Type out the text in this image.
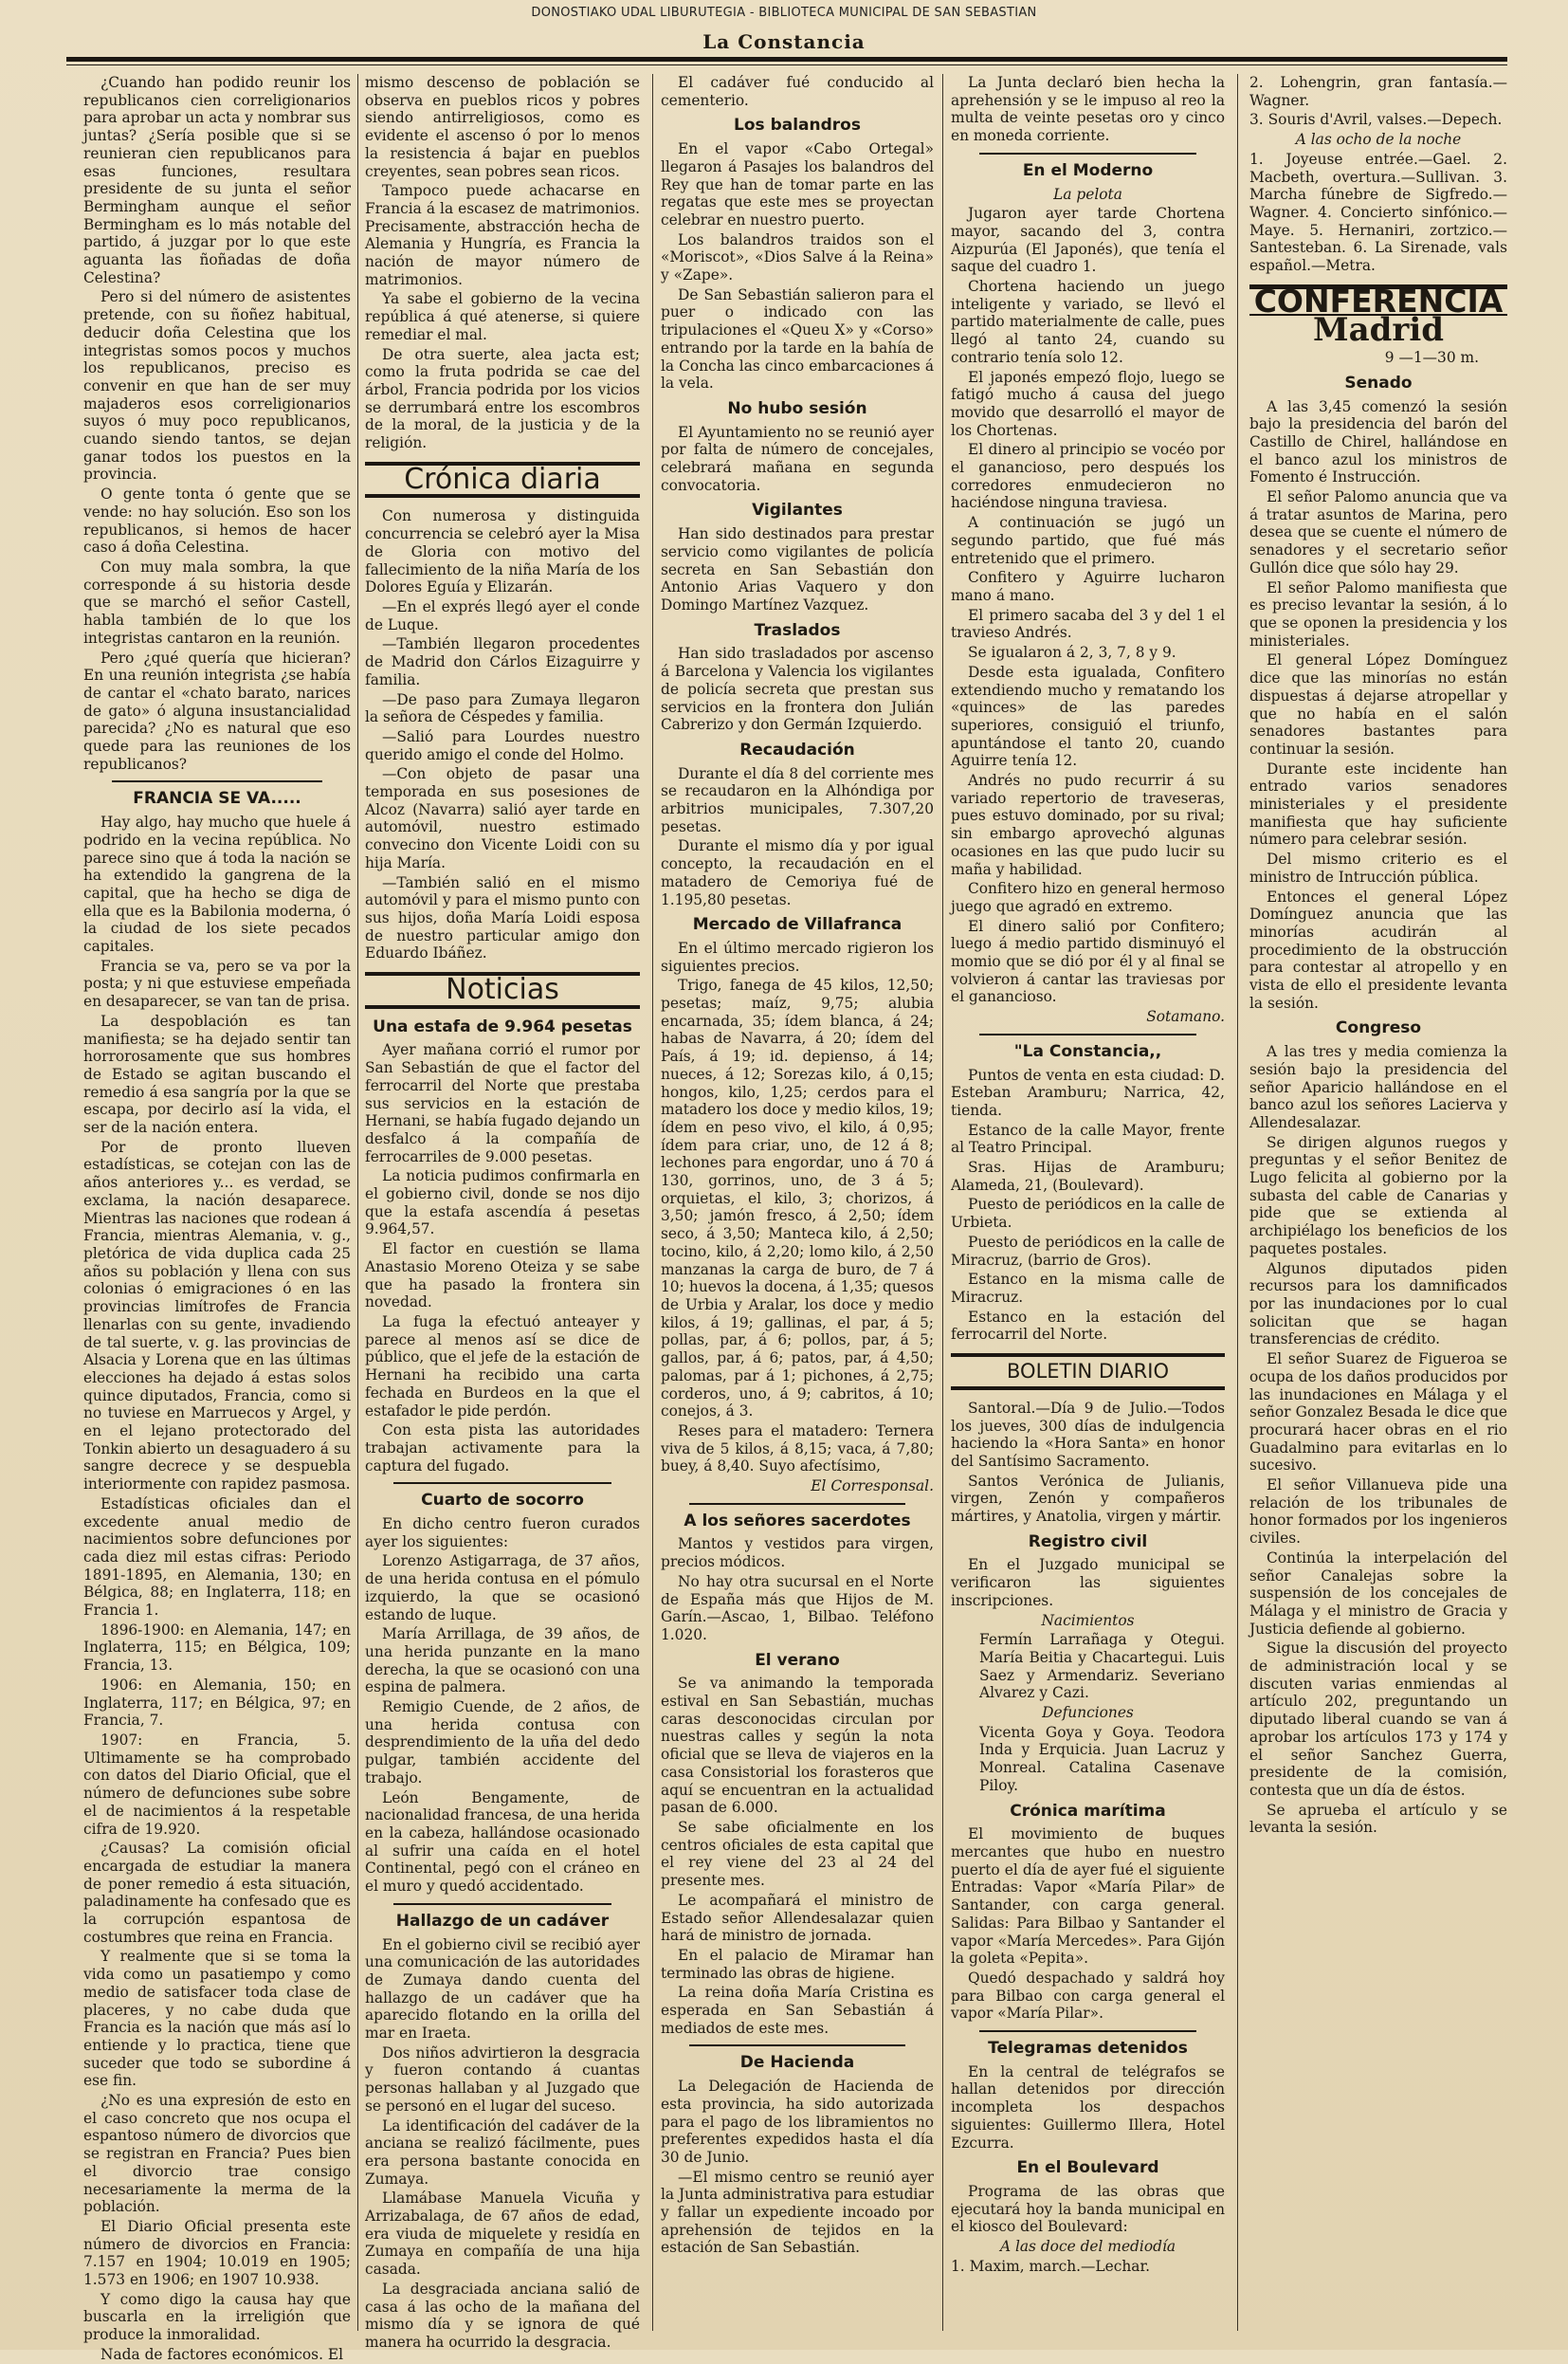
DONOSTIAKO UDAL LIBURUTEGIA - BIBLIOTECA MUNICIPAL DE SAN SEBASTIAN
La Constancia

¿Cuando han podido reunir los republicanos cien correligionarios para aprobar un acta y nombrar sus juntas? ¿Sería posible que si se reunieran cien republicanos para esas funciones, resultara presidente de su junta el señor Bermingham aunque el señor Bermingham es lo más notable del partido, á juzgar por lo que este aguanta las ñoñadas de doña Celestina?

Pero si del número de asistentes pretende, con su ñoñez habitual, deducir doña Celestina que los integristas somos pocos y muchos los republicanos, preciso es convenir en que han de ser muy majaderos esos correligionarios suyos ó muy poco republicanos, cuando siendo tantos, se dejan ganar todos los puestos en la provincia.

O gente tonta ó gente que se vende: no hay solución. Eso son los republicanos, si hemos de hacer caso á doña Celestina.

Con muy mala sombra, la que corresponde á su historia desde que se marchó el señor Castell, habla también de lo que los integristas cantaron en la reunión.

Pero ¿qué quería que hicieran? En una reunión integrista ¿se había de cantar el «chato barato, narices de gato» ó alguna insustancialidad parecida? ¿No es natural que eso quede para las reuniones de los republicanos?

FRANCIA SE VA.....

Hay algo, hay mucho que huele á podrido en la vecina república. No parece sino que á toda la nación se ha extendido la gangrena de la capital, que ha hecho se diga de ella que es la Babilonia moderna, ó la ciudad de los siete pecados capitales.

Francia se va, pero se va por la posta; y ni que estuviese empeñada en desaparecer, se van tan de prisa.

La despoblación es tan manifiesta; se ha dejado sentir tan horrorosamente que sus hombres de Estado se agitan buscando el remedio á esa sangría por la que se escapa, por decirlo así la vida, el ser de la nación entera.

Por de pronto llueven estadísticas, se cotejan con las de años anteriores y... es verdad, se exclama, la nación desaparece. Mientras las naciones que rodean á Francia, mientras Alemania, v. g., pletórica de vida duplica cada 25 años su población y llena con sus colonias ó emigraciones ó en las provincias limítrofes de Francia llenarlas con su gente, invadiendo de tal suerte, v. g. las provincias de Alsacia y Lorena que en las últimas elecciones ha dejado á estas solos quince diputados, Francia, como si no tuviese en Marruecos y Argel, y en el lejano protectorado del Tonkin abierto un desaguadero á su sangre decrece y se despuebla interiormente con rapidez pasmosa.

Estadísticas oficiales dan el excedente anual medio de nacimientos sobre defunciones por cada diez mil estas cifras: Periodo 1891-1895, en Alemania, 130; en Bélgica, 88; en Inglaterra, 118; en Francia 1.

1896-1900: en Alemania, 147; en Inglaterra, 115; en Bélgica, 109; Francia, 13.

1906: en Alemania, 150; en Inglaterra, 117; en Bélgica, 97; en Francia, 7.

1907: en Francia, 5. Ultimamente se ha comprobado con datos del Diario Oficial, que el número de defunciones sube sobre el de nacimientos á la respetable cifra de 19.920.

¿Causas? La comisión oficial encargada de estudiar la manera de poner remedio á esta situación, paladinamente ha confesado que es la corrupción espantosa de costumbres que reina en Francia.

Y realmente que si se toma la vida como un pasatiempo y como medio de satisfacer toda clase de placeres, y no cabe duda que Francia es la nación que más así lo entiende y lo practica, tiene que suceder que todo se subordine á ese fin.

¿No es una expresión de esto en el caso concreto que nos ocupa el espantoso número de divorcios que se registran en Francia? Pues bien el divorcio trae consigo necesariamente la merma de la población.

El Diario Oficial presenta este número de divorcios en Francia: 7.157 en 1904; 10.019 en 1905; 1.573 en 1906; en 1907 10.938.

Y como digo la causa hay que buscarla en la irreligión que produce la inmoralidad.

Nada de factores económicos. El

mismo descenso de población se observa en pueblos ricos y pobres siendo antirreligiosos, como es evidente el ascenso ó por lo menos la resistencia á bajar en pueblos creyentes, sean pobres sean ricos.

Tampoco puede achacarse en Francia á la escasez de matrimonios. Precisamente, abstracción hecha de Alemania y Hungría, es Francia la nación de mayor número de matrimonios.

Ya sabe el gobierno de la vecina república á qué atenerse, si quiere remediar el mal.

De otra suerte, alea jacta est; como la fruta podrida se cae del árbol, Francia podrida por los vicios se derrumbará entre los escombros de la moral, de la justicia y de la religión.

Crónica diaria

Con numerosa y distinguida concurrencia se celebró ayer la Misa de Gloria con motivo del fallecimiento de la niña María de los Dolores Eguía y Elizarán.

—En el exprés llegó ayer el conde de Luque.

—También llegaron procedentes de Madrid don Cárlos Eizaguirre y familia.

—De paso para Zumaya llegaron la señora de Céspedes y familia.

—Salió para Lourdes nuestro querido amigo el conde del Holmo.

—Con objeto de pasar una temporada en sus posesiones de Alcoz (Navarra) salió ayer tarde en automóvil, nuestro estimado convecino don Vicente Loidi con su hija María.

—También salió en el mismo automóvil y para el mismo punto con sus hijos, doña María Loidi esposa de nuestro particular amigo don Eduardo Ibáñez.

Noticias
Una estafa de 9.964 pesetas

Ayer mañana corrió el rumor por San Sebastián de que el factor del ferrocarril del Norte que prestaba sus servicios en la estación de Hernani, se había fugado dejando un desfalco á la compañía de ferrocarriles de 9.000 pesetas.

La noticia pudimos confirmarla en el gobierno civil, donde se nos dijo que la estafa ascendía á pesetas 9.964,57.

El factor en cuestión se llama Anastasio Moreno Oteiza y se sabe que ha pasado la frontera sin novedad.

La fuga la efectuó anteayer y parece al menos así se dice de público, que el jefe de la estación de Hernani ha recibido una carta fechada en Burdeos en la que el estafador le pide perdón.

Con esta pista las autoridades trabajan activamente para la captura del fugado.

Cuarto de socorro

En dicho centro fueron curados ayer los siguientes:

Lorenzo Astigarraga, de 37 años, de una herida contusa en el pómulo izquierdo, la que se ocasionó estando de luque.

María Arrillaga, de 39 años, de una herida punzante en la mano derecha, la que se ocasionó con una espina de palmera.

Remigio Cuende, de 2 años, de una herida contusa con desprendimiento de la uña del dedo pulgar, también accidente del trabajo.

León Bengamente, de nacionalidad francesa, de una herida en la cabeza, hallándose ocasionado al sufrir una caída en el hotel Continental, pegó con el cráneo en el muro y quedó accidentado.

Hallazgo de un cadáver

En el gobierno civil se recibió ayer una comunicación de las autoridades de Zumaya dando cuenta del hallazgo de un cadáver que ha aparecido flotando en la orilla del mar en Iraeta.

Dos niños advirtieron la desgracia y fueron contando á cuantas personas hallaban y al Juzgado que se personó en el lugar del suceso.

La identificación del cadáver de la anciana se realizó fácilmente, pues era persona bastante conocida en Zumaya.

Llamábase Manuela Vicuña y Arrizabalaga, de 67 años de edad, era viuda de miquelete y residía en Zumaya en compañía de una hija casada.

La desgraciada anciana salió de casa á las ocho de la mañana del mismo día y se ignora de qué manera ha ocurrido la desgracia.

El cadáver fué conducido al cementerio.

Los balandros

En el vapor «Cabo Ortegal» llegaron á Pasajes los balandros del Rey que han de tomar parte en las regatas que este mes se proyectan celebrar en nuestro puerto.

Los balandros traidos son el «Moriscot», «Dios Salve á la Reina» y «Zape».

De San Sebastián salieron para el puer o indicado con las tripulaciones el «Queu X» y «Corso» entrando por la tarde en la bahía de la Concha las cinco embarcaciones á la vela.

No hubo sesión

El Ayuntamiento no se reunió ayer por falta de número de concejales, celebrará mañana en segunda convocatoria.

Vigilantes

Han sido destinados para prestar servicio como vigilantes de policía secreta en San Sebastián don Antonio Arias Vaquero y don Domingo Martínez Vazquez.

Traslados

Han sido trasladados por ascenso á Barcelona y Valencia los vigilantes de policía secreta que prestan sus servicios en la frontera don Julián Cabrerizo y don Germán Izquierdo.

Recaudación

Durante el día 8 del corriente mes se recaudaron en la Alhóndiga por arbitrios municipales, 7.307,20 pesetas.

Durante el mismo día y por igual concepto, la recaudación en el matadero de Cemoriya fué de 1.195,80 pesetas.

Mercado de Villafranca

En el último mercado rigieron los siguientes precios.

Trigo, fanega de 45 kilos, 12,50; pesetas; maíz, 9,75; alubia encarnada, 35; ídem blanca, á 24; habas de Navarra, á 20; ídem del País, á 19; id. depienso, á 14; nueces, á 12; Sorezas kilo, á 0,15; hongos, kilo, 1,25; cerdos para el matadero los doce y medio kilos, 19; ídem en peso vivo, el kilo, á 0,95; ídem para criar, uno, de 12 á 8; lechones para engordar, uno á 70 á 130, gorrinos, uno, de 3 á 5; orquietas, el kilo, 3; chorizos, á 3,50; jamón fresco, á 2,50; ídem seco, á 3,50; Manteca kilo, á 2,50; tocino, kilo, á 2,20; lomo kilo, á 2,50 manzanas la carga de buro, de 7 á 10; huevos la docena, á 1,35; quesos de Urbia y Aralar, los doce y medio kilos, á 19; gallinas, el par, á 5; pollas, par, á 6; pollos, par, á 5; gallos, par, á 6; patos, par, á 4,50; palomas, par á 1; pichones, á 2,75; corderos, uno, á 9; cabritos, á 10; conejos, á 3.

Reses para el matadero: Ternera viva de 5 kilos, á 8,15; vaca, á 7,80; buey, á 8,40. Suyo afectísimo,

El Corresponsal.

A los señores sacerdotes

Mantos y vestidos para virgen, precios módicos.

No hay otra sucursal en el Norte de España más que Hijos de M. Garín.—Ascao, 1, Bilbao. Teléfono 1.020.

El verano

Se va animando la temporada estival en San Sebastián, muchas caras desconocidas circulan por nuestras calles y según la nota oficial que se lleva de viajeros en la casa Consistorial los forasteros que aquí se encuentran en la actualidad pasan de 6.000.

Se sabe oficialmente en los centros oficiales de esta capital que el rey viene del 23 al 24 del presente mes.

Le acompañará el ministro de Estado señor Allendesalazar quien hará de ministro de jornada.

En el palacio de Miramar han terminado las obras de higiene.

La reina doña María Cristina es esperada en San Sebastián á mediados de este mes.

De Hacienda

La Delegación de Hacienda de esta provincia, ha sido autorizada para el pago de los libramientos no preferentes expedidos hasta el día 30 de Junio.

—El mismo centro se reunió ayer la Junta administrativa para estudiar y fallar un expediente incoado por aprehensión de tejidos en la estación de San Sebastián.

La Junta declaró bien hecha la aprehensión y se le impuso al reo la multa de veinte pesetas oro y cinco en moneda corriente.

En el Moderno

La pelota

Jugaron ayer tarde Chortena mayor, sacando del 3, contra Aizpurúa (El Japonés), que tenía el saque del cuadro 1.

Chortena haciendo un juego inteligente y variado, se llevó el partido materialmente de calle, pues llegó al tanto 24, cuando su contrario tenía solo 12.

El japonés empezó flojo, luego se fatigó mucho á causa del juego movido que desarrolló el mayor de los Chortenas.

El dinero al principio se vocéo por el ganancioso, pero después los corredores enmudecieron no haciéndose ninguna traviesa.

A continuación se jugó un segundo partido, que fué más entretenido que el primero.

Confitero y Aguirre lucharon mano á mano.

El primero sacaba del 3 y del 1 el travieso Andrés.

Se igualaron á 2, 3, 7, 8 y 9.

Desde esta igualada, Confitero extendiendo mucho y rematando los «quinces» de las paredes superiores, consiguió el triunfo, apuntándose el tanto 20, cuando Aguirre tenía 12.

Andrés no pudo recurrir á su variado repertorio de traveseras, pues estuvo dominado, por su rival; sin embargo aprovechó algunas ocasiones en las que pudo lucir su maña y habilidad.

Confitero hizo en general hermoso juego que agradó en extremo.

El dinero salió por Confitero; luego á medio partido disminuyó el momio que se dió por él y al final se volvieron á cantar las traviesas por el ganancioso.

Sotamano.

"La Constancia,,

Puntos de venta en esta ciudad: D. Esteban Aramburu; Narrica, 42, tienda.

Estanco de la calle Mayor, frente al Teatro Principal.

Sras. Hijas de Aramburu; Alameda, 21, (Boulevard).

Puesto de periódicos en la calle de Urbieta.

Puesto de periódicos en la calle de Miracruz, (barrio de Gros).

Estanco en la misma calle de Miracruz.

Estanco en la estación del ferrocarril del Norte.

BOLETIN DIARIO

Santoral.—Día 9 de Julio.—Todos los jueves, 300 días de indulgencia haciendo la «Hora Santa» en honor del Santísimo Sacramento.

Santos Verónica de Julianis, virgen, Zenón y compañeros mártires, y Anatolia, virgen y mártir.

Registro civil

En el Juzgado municipal se verificaron las siguientes inscripciones.

Nacimientos

Fermín Larrañaga y Otegui. María Beitia y Chacartegui. Luis Saez y Armendariz. Severiano Alvarez y Cazi.

Defunciones

Vicenta Goya y Goya. Teodora Inda y Erquicia. Juan Lacruz y Monreal. Catalina Casenave Piloy.

Crónica marítima

El movimiento de buques mercantes que hubo en nuestro puerto el día de ayer fué el siguiente Entradas: Vapor «María Pilar» de Santander, con carga general. Salidas: Para Bilbao y Santander el vapor «María Mercedes». Para Gijón la goleta «Pepita».

Quedó despachado y saldrá hoy para Bilbao con carga general el vapor «María Pilar».

Telegramas detenidos

En la central de telégrafos se hallan detenidos por dirección incompleta los despachos siguientes: Guillermo Illera, Hotel Ezcurra.

En el Boulevard

Programa de las obras que ejecutará hoy la banda municipal en el kiosco del Boulevard:

A las doce del mediodía

1. Maxim, march.—Lechar.

2. Lohengrin, gran fantasía.—Wagner.

3. Souris d'Avril, valses.—Depech.

A las ocho de la noche

1. Joyeuse entrée.—Gael. 2. Macbeth, overtura.—Sullivan. 3. Marcha fúnebre de Sigfredo.—Wagner. 4. Concierto sinfónico.—Maye. 5. Hernaniri, zortzico.—Santesteban. 6. La Sirenade, vals español.—Metra.

CONFERENCIA
Madrid

9 —1—30 m.

Senado

A las 3,45 comenzó la sesión bajo la presidencia del barón del Castillo de Chirel, hallándose en el banco azul los ministros de Fomento é Instrucción.

El señor Palomo anuncia que va á tratar asuntos de Marina, pero desea que se cuente el número de senadores y el secretario señor Gullón dice que sólo hay 29.

El señor Palomo manifiesta que es preciso levantar la sesión, á lo que se oponen la presidencia y los ministeriales.

El general López Domínguez dice que las minorías no están dispuestas á dejarse atropellar y que no había en el salón senadores bastantes para continuar la sesión.

Durante este incidente han entrado varios senadores ministeriales y el presidente manifiesta que hay suficiente número para celebrar sesión.

Del mismo criterio es el ministro de Intrucción pública.

Entonces el general López Domínguez anuncia que las minorías acudirán al procedimiento de la obstrucción para contestar al atropello y en vista de ello el presidente levanta la sesión.

Congreso

A las tres y media comienza la sesión bajo la presidencia del señor Aparicio hallándose en el banco azul los señores Lacierva y Allendesalazar.

Se dirigen algunos ruegos y preguntas y el señor Benitez de Lugo felicita al gobierno por la subasta del cable de Canarias y pide que se extienda al archipiélago los beneficios de los paquetes postales.

Algunos diputados piden recursos para los damnificados por las inundaciones por lo cual solicitan que se hagan transferencias de crédito.

El señor Suarez de Figueroa se ocupa de los daños producidos por las inundaciones en Málaga y el señor Gonzalez Besada le dice que procurará hacer obras en el rio Guadalmino para evitarlas en lo sucesivo.

El señor Villanueva pide una relación de los tribunales de honor formados por los ingenieros civiles.

Continúa la interpelación del señor Canalejas sobre la suspensión de los concejales de Málaga y el ministro de Gracia y Justicia defiende al gobierno.

Sigue la discusión del proyecto de administración local y se discuten varias enmiendas al artículo 202, preguntando un diputado liberal cuando se van á aprobar los artículos 173 y 174 y el señor Sanchez Guerra, presidente de la comisión, contesta que un día de éstos.

Se aprueba el artículo y se levanta la sesión.
